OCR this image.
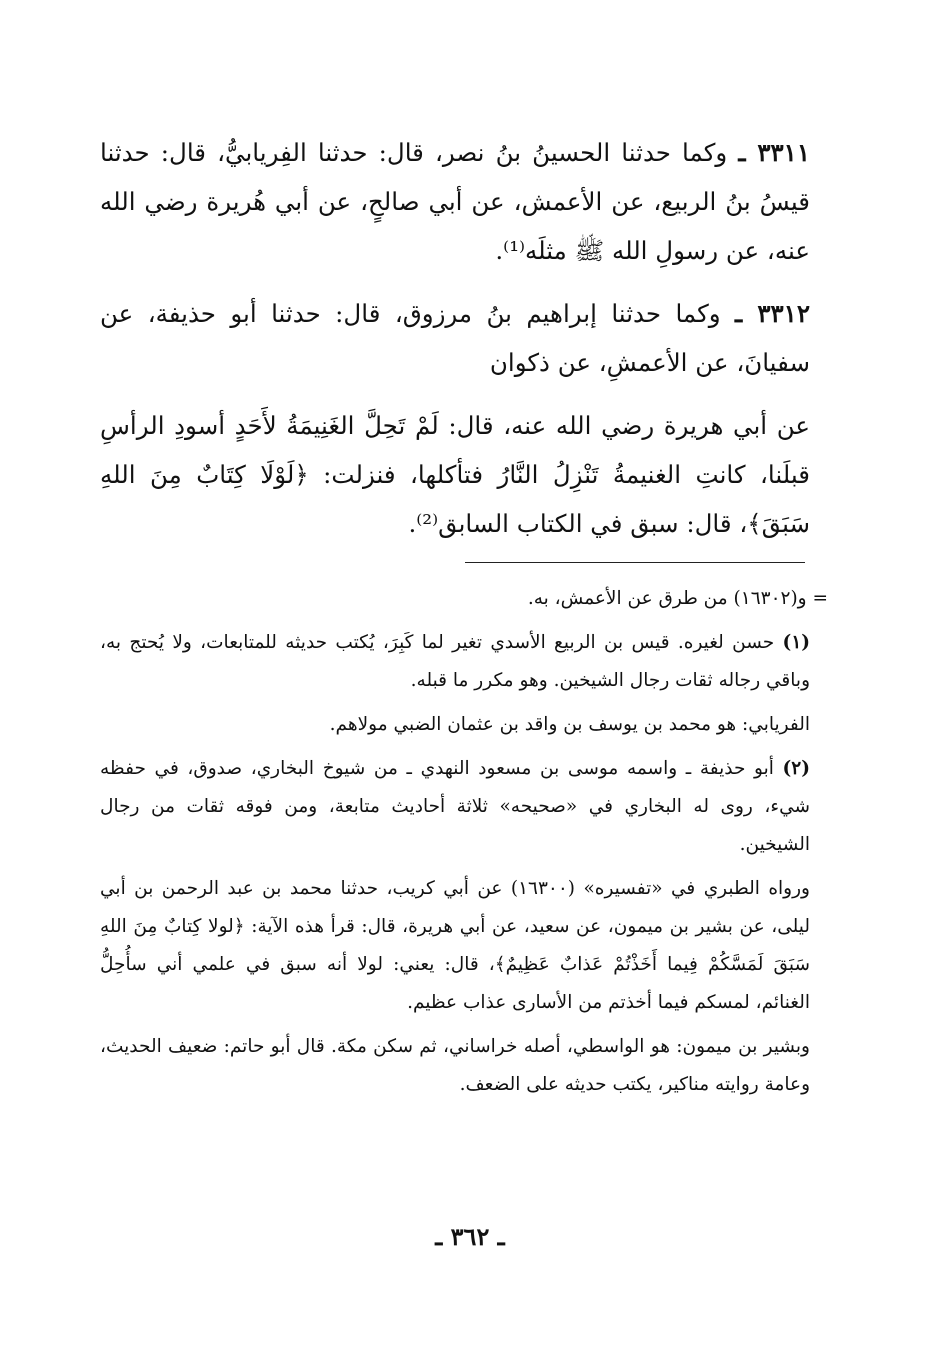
٣٣١١ ـ وكما حدثنا الحسينُ بنُ نصر، قال: حدثنا الفِريابيُّ، قال: حدثنا قيسُ بنُ الربيع، عن الأعمش، عن أبي صالحٍ، عن أبي هُريرة رضي الله عنه، عن رسولِ الله ﷺ مثلَه⁽¹⁾.

٣٣١٢ ـ وكما حدثنا إبراهيم بنُ مرزوق، قال: حدثنا أبو حذيفة، عن سفيانَ، عن الأعمشِ، عن ذكوان

عن أبي هريرة رضي الله عنه، قال: لَمْ تَحِلَّ الغَنِيمَةُ لأَحَدٍ أسودِ الرأسِ قبلَنا، كانتِ الغنيمةُ تَنْزِلُ النَّارُ فتأكلها، فنزلت: ﴿لَوْلَا كِتَابٌ مِنَ اللهِ سَبَقَ﴾، قال: سبق في الكتاب السابق⁽²⁾.

= و(١٦٣٠٢) من طرق عن الأعمش، به.

(١) حسن لغيره. قيس بن الربيع الأسدي تغير لما كَبِرَ، يُكتب حديثه للمتابعات، ولا يُحتج به، وباقي رجاله ثقات رجال الشيخين. وهو مكرر ما قبله.

الفريابي: هو محمد بن يوسف بن واقد بن عثمان الضبي مولاهم.

(٢) أبو حذيفة ـ واسمه موسى بن مسعود النهدي ـ من شيوخ البخاري، صدوق، في حفظه شيء، روى له البخاري في «صحيحه» ثلاثة أحاديث متابعة، ومن فوقه ثقات من رجال الشيخين.

ورواه الطبري في «تفسيره» (١٦٣٠٠) عن أبي كريب، حدثنا محمد بن عبد الرحمن بن أبي ليلى، عن بشير بن ميمون، عن سعيد، عن أبي هريرة، قال: قرأ هذه الآية: ﴿لولا كِتابٌ مِنَ اللهِ سَبَقَ لَمَسَّكُمْ فِيما أَخَذْتُمْ عَذابٌ عَظِيمٌ﴾، قال: يعني: لولا أنه سبق في علمي أني سأُحِلُّ الغنائم، لمسكم فيما أخذتم من الأسارى عذاب عظيم.

وبشير بن ميمون: هو الواسطي، أصله خراساني، ثم سكن مكة. قال أبو حاتم: ضعيف الحديث، وعامة روايته مناكير، يكتب حديثه على الضعف.

ـ ٣٦٢ ـ
